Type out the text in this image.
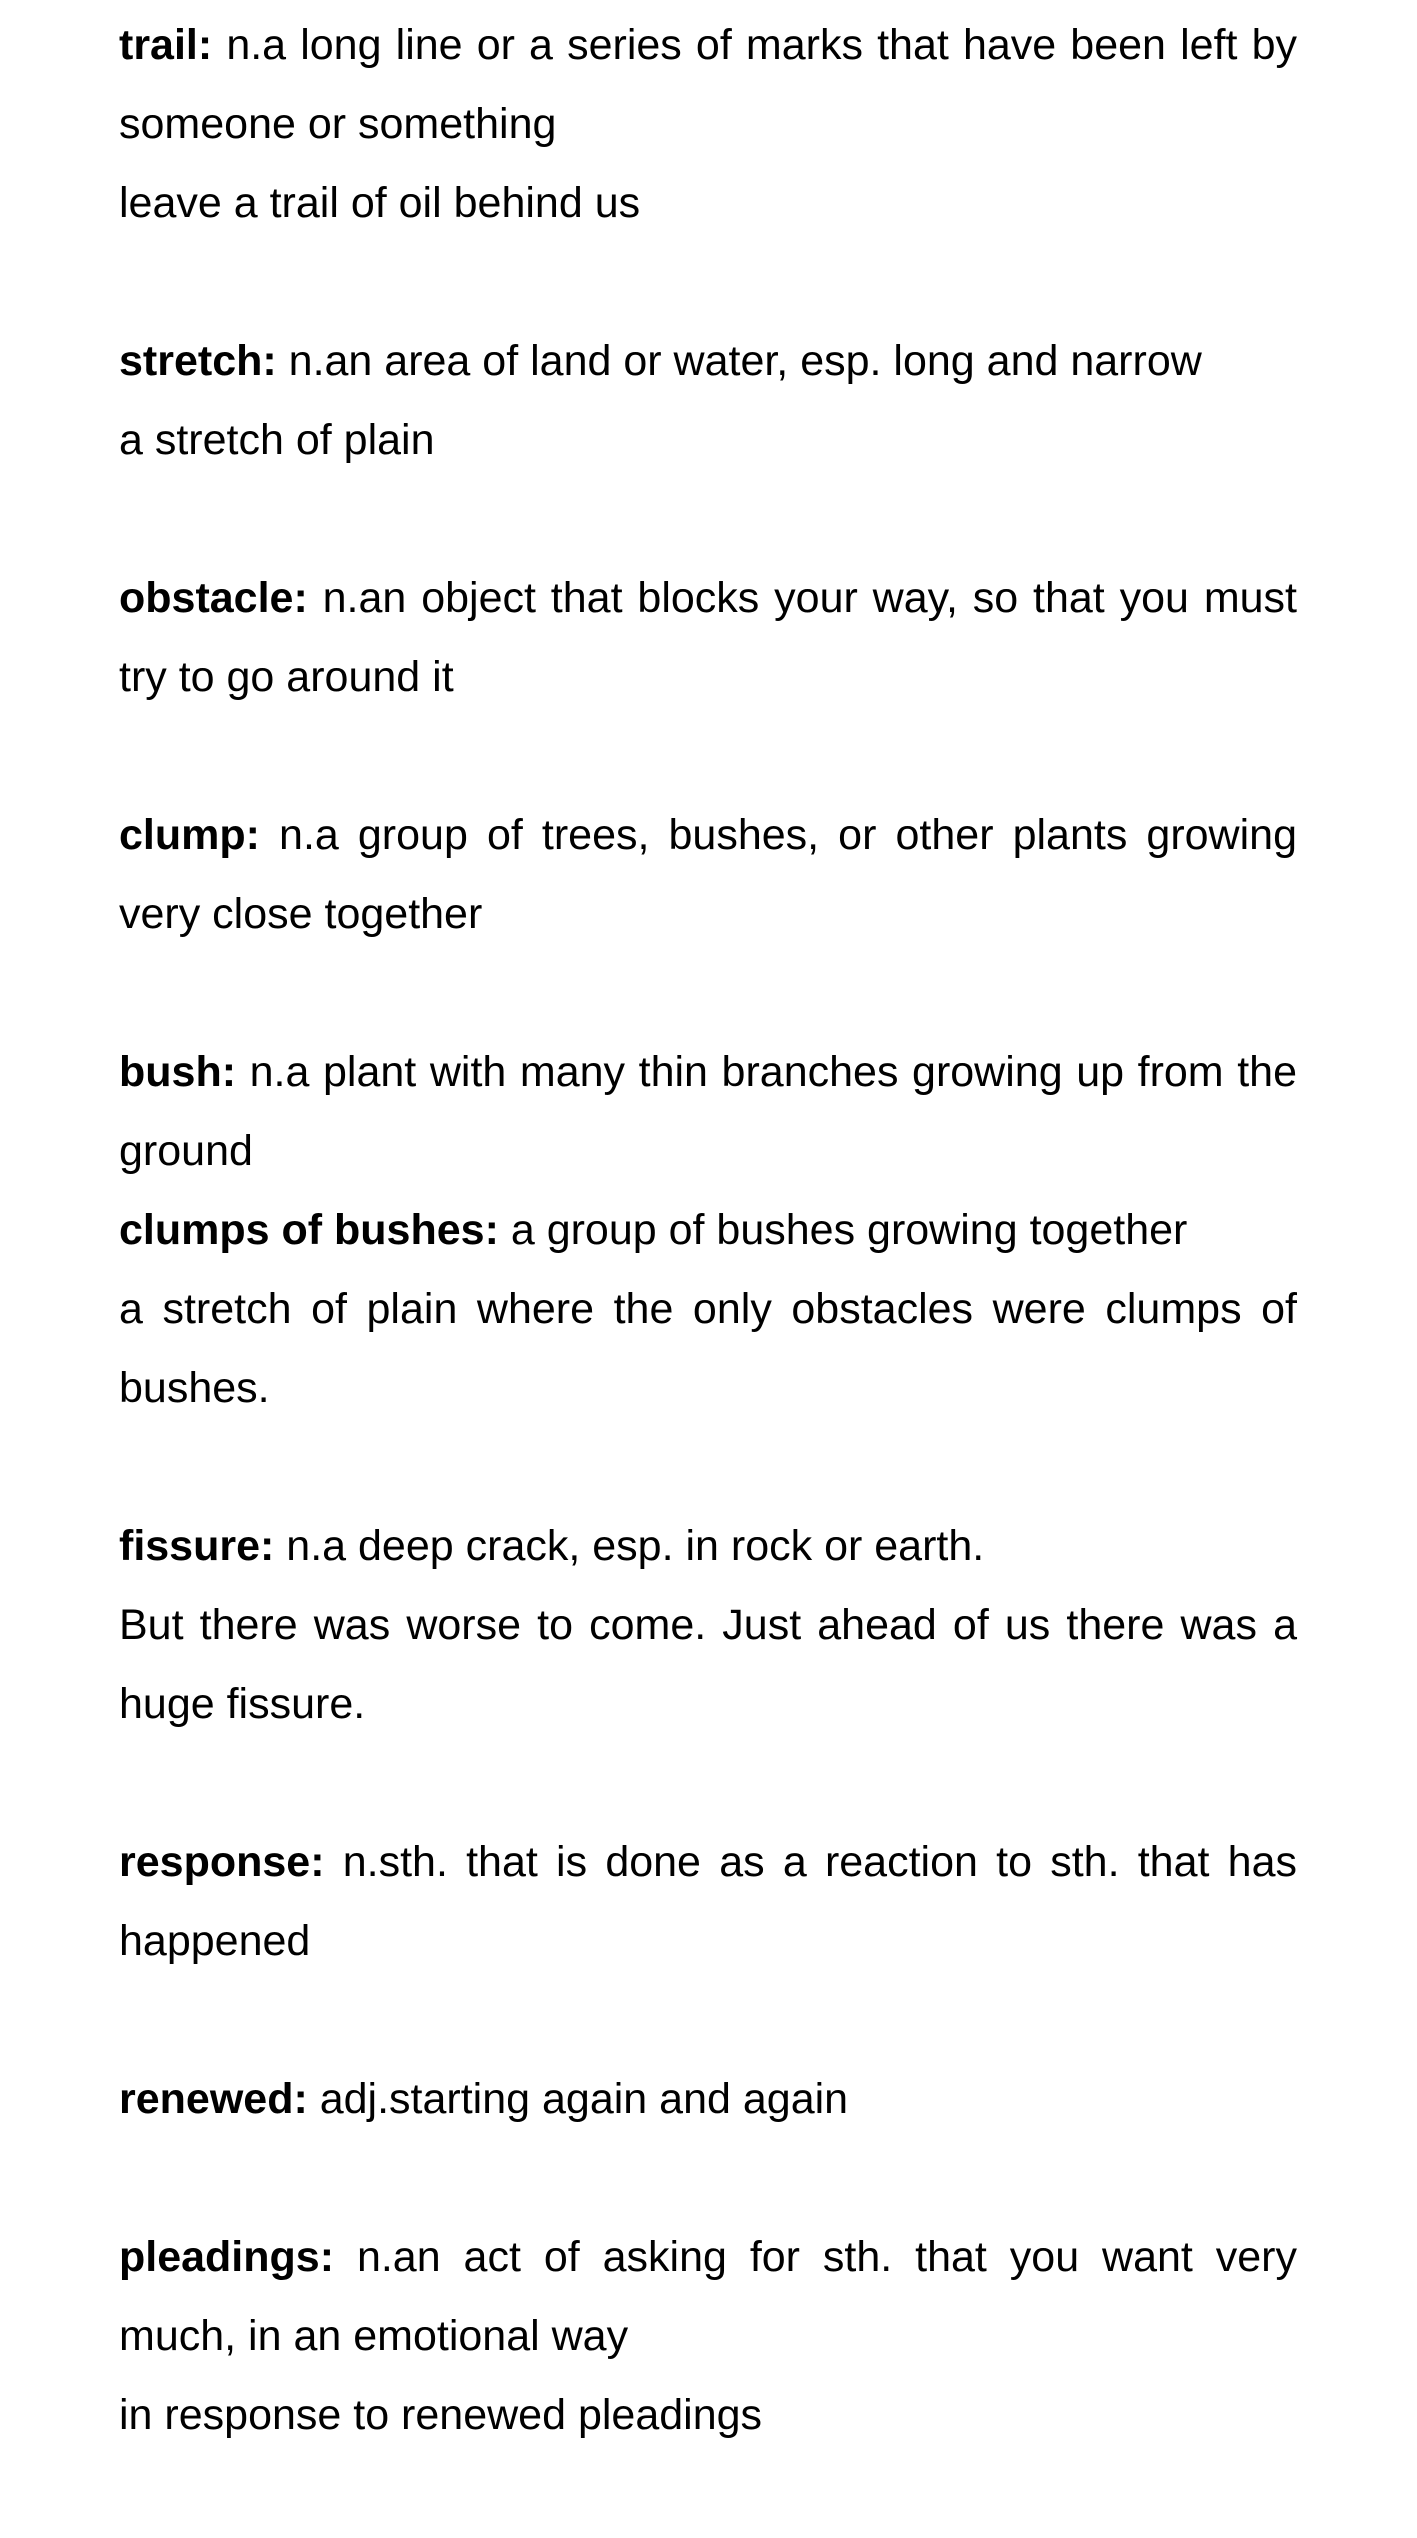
trail: n.a long line or a series of marks that have been left by someone or something
leave a trail of oil behind us
stretch: n.an area of land or water, esp. long and narrow
a stretch of plain
obstacle: n.an object that blocks your way, so that you must try to go around it
clump: n.a group of trees, bushes, or other plants growing very close together
bush: n.a plant with many thin branches growing up from the ground
clumps of bushes: a group of bushes growing together
a stretch of plain where the only obstacles were clumps of bushes.
fissure: n.a deep crack, esp. in rock or earth.
But there was worse to come. Just ahead of us there was a huge fissure.
response: n.sth. that is done as a reaction to sth. that has happened
renewed: adj.starting again and again
pleadings: n.an act of asking for sth. that you want very much, in an emotional way
in response to renewed pleadings
